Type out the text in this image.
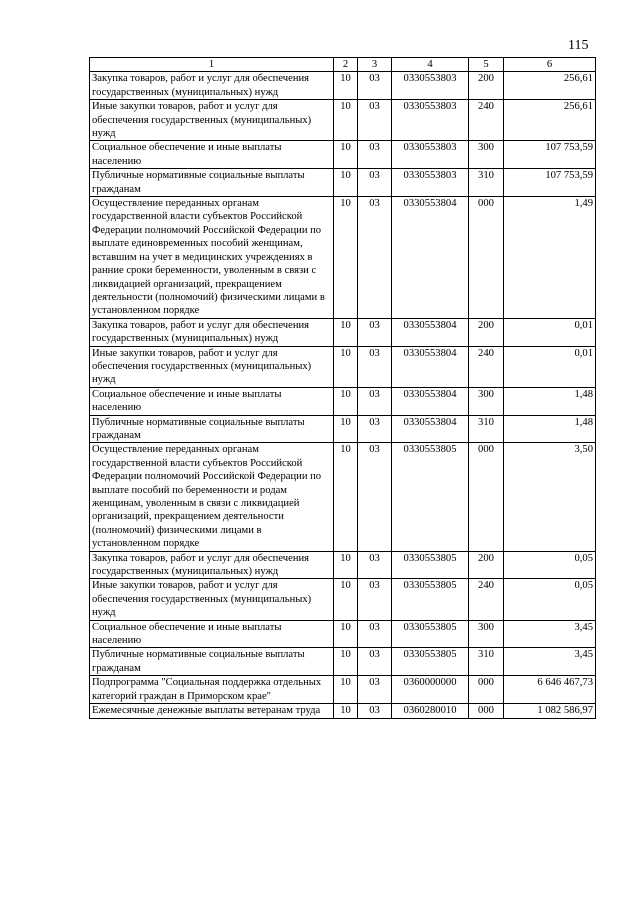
115
1	2	3	4	5	6
Закупка товаров, работ и услуг для обеспечения государственных (муниципальных) нужд	10	03	0330553803	200	256,61
Иные закупки товаров, работ и услуг для обеспечения государственных (муниципальных) нужд	10	03	0330553803	240	256,61
Социальное обеспечение и иные выплаты населению	10	03	0330553803	300	107 753,59
Публичные нормативные социальные выплаты гражданам	10	03	0330553803	310	107 753,59
Осуществление переданных органам государственной власти субъектов Российской Федерации полномочий Российской Федерации по выплате единовременных пособий женщинам, вставшим на учет в медицинских учреждениях в ранние сроки беременности, уволенным в связи с ликвидацией организаций, прекращением деятельности (полномочий) физическими лицами в установленном порядке	10	03	0330553804	000	1,49
Закупка товаров, работ и услуг для обеспечения государственных (муниципальных) нужд	10	03	0330553804	200	0,01
Иные закупки товаров, работ и услуг для обеспечения государственных (муниципальных) нужд	10	03	0330553804	240	0,01
Социальное обеспечение и иные выплаты населению	10	03	0330553804	300	1,48
Публичные нормативные социальные выплаты гражданам	10	03	0330553804	310	1,48
Осуществление переданных органам государственной власти субъектов Российской Федерации полномочий Российской Федерации по выплате пособий по беременности и родам женщинам, уволенным в связи с ликвидацией организаций, прекращением деятельности (полномочий) физическими лицами в установленном порядке	10	03	0330553805	000	3,50
Закупка товаров, работ и услуг для обеспечения государственных (муниципальных) нужд	10	03	0330553805	200	0,05
Иные закупки товаров, работ и услуг для обеспечения государственных (муниципальных) нужд	10	03	0330553805	240	0,05
Социальное обеспечение и иные выплаты населению	10	03	0330553805	300	3,45
Публичные нормативные социальные выплаты гражданам	10	03	0330553805	310	3,45
Подпрограмма "Социальная поддержка отдельных категорий граждан в Приморском крае"	10	03	0360000000	000	6 646 467,73
Ежемесячные денежные выплаты ветеранам труда	10	03	0360280010	000	1 082 586,97
